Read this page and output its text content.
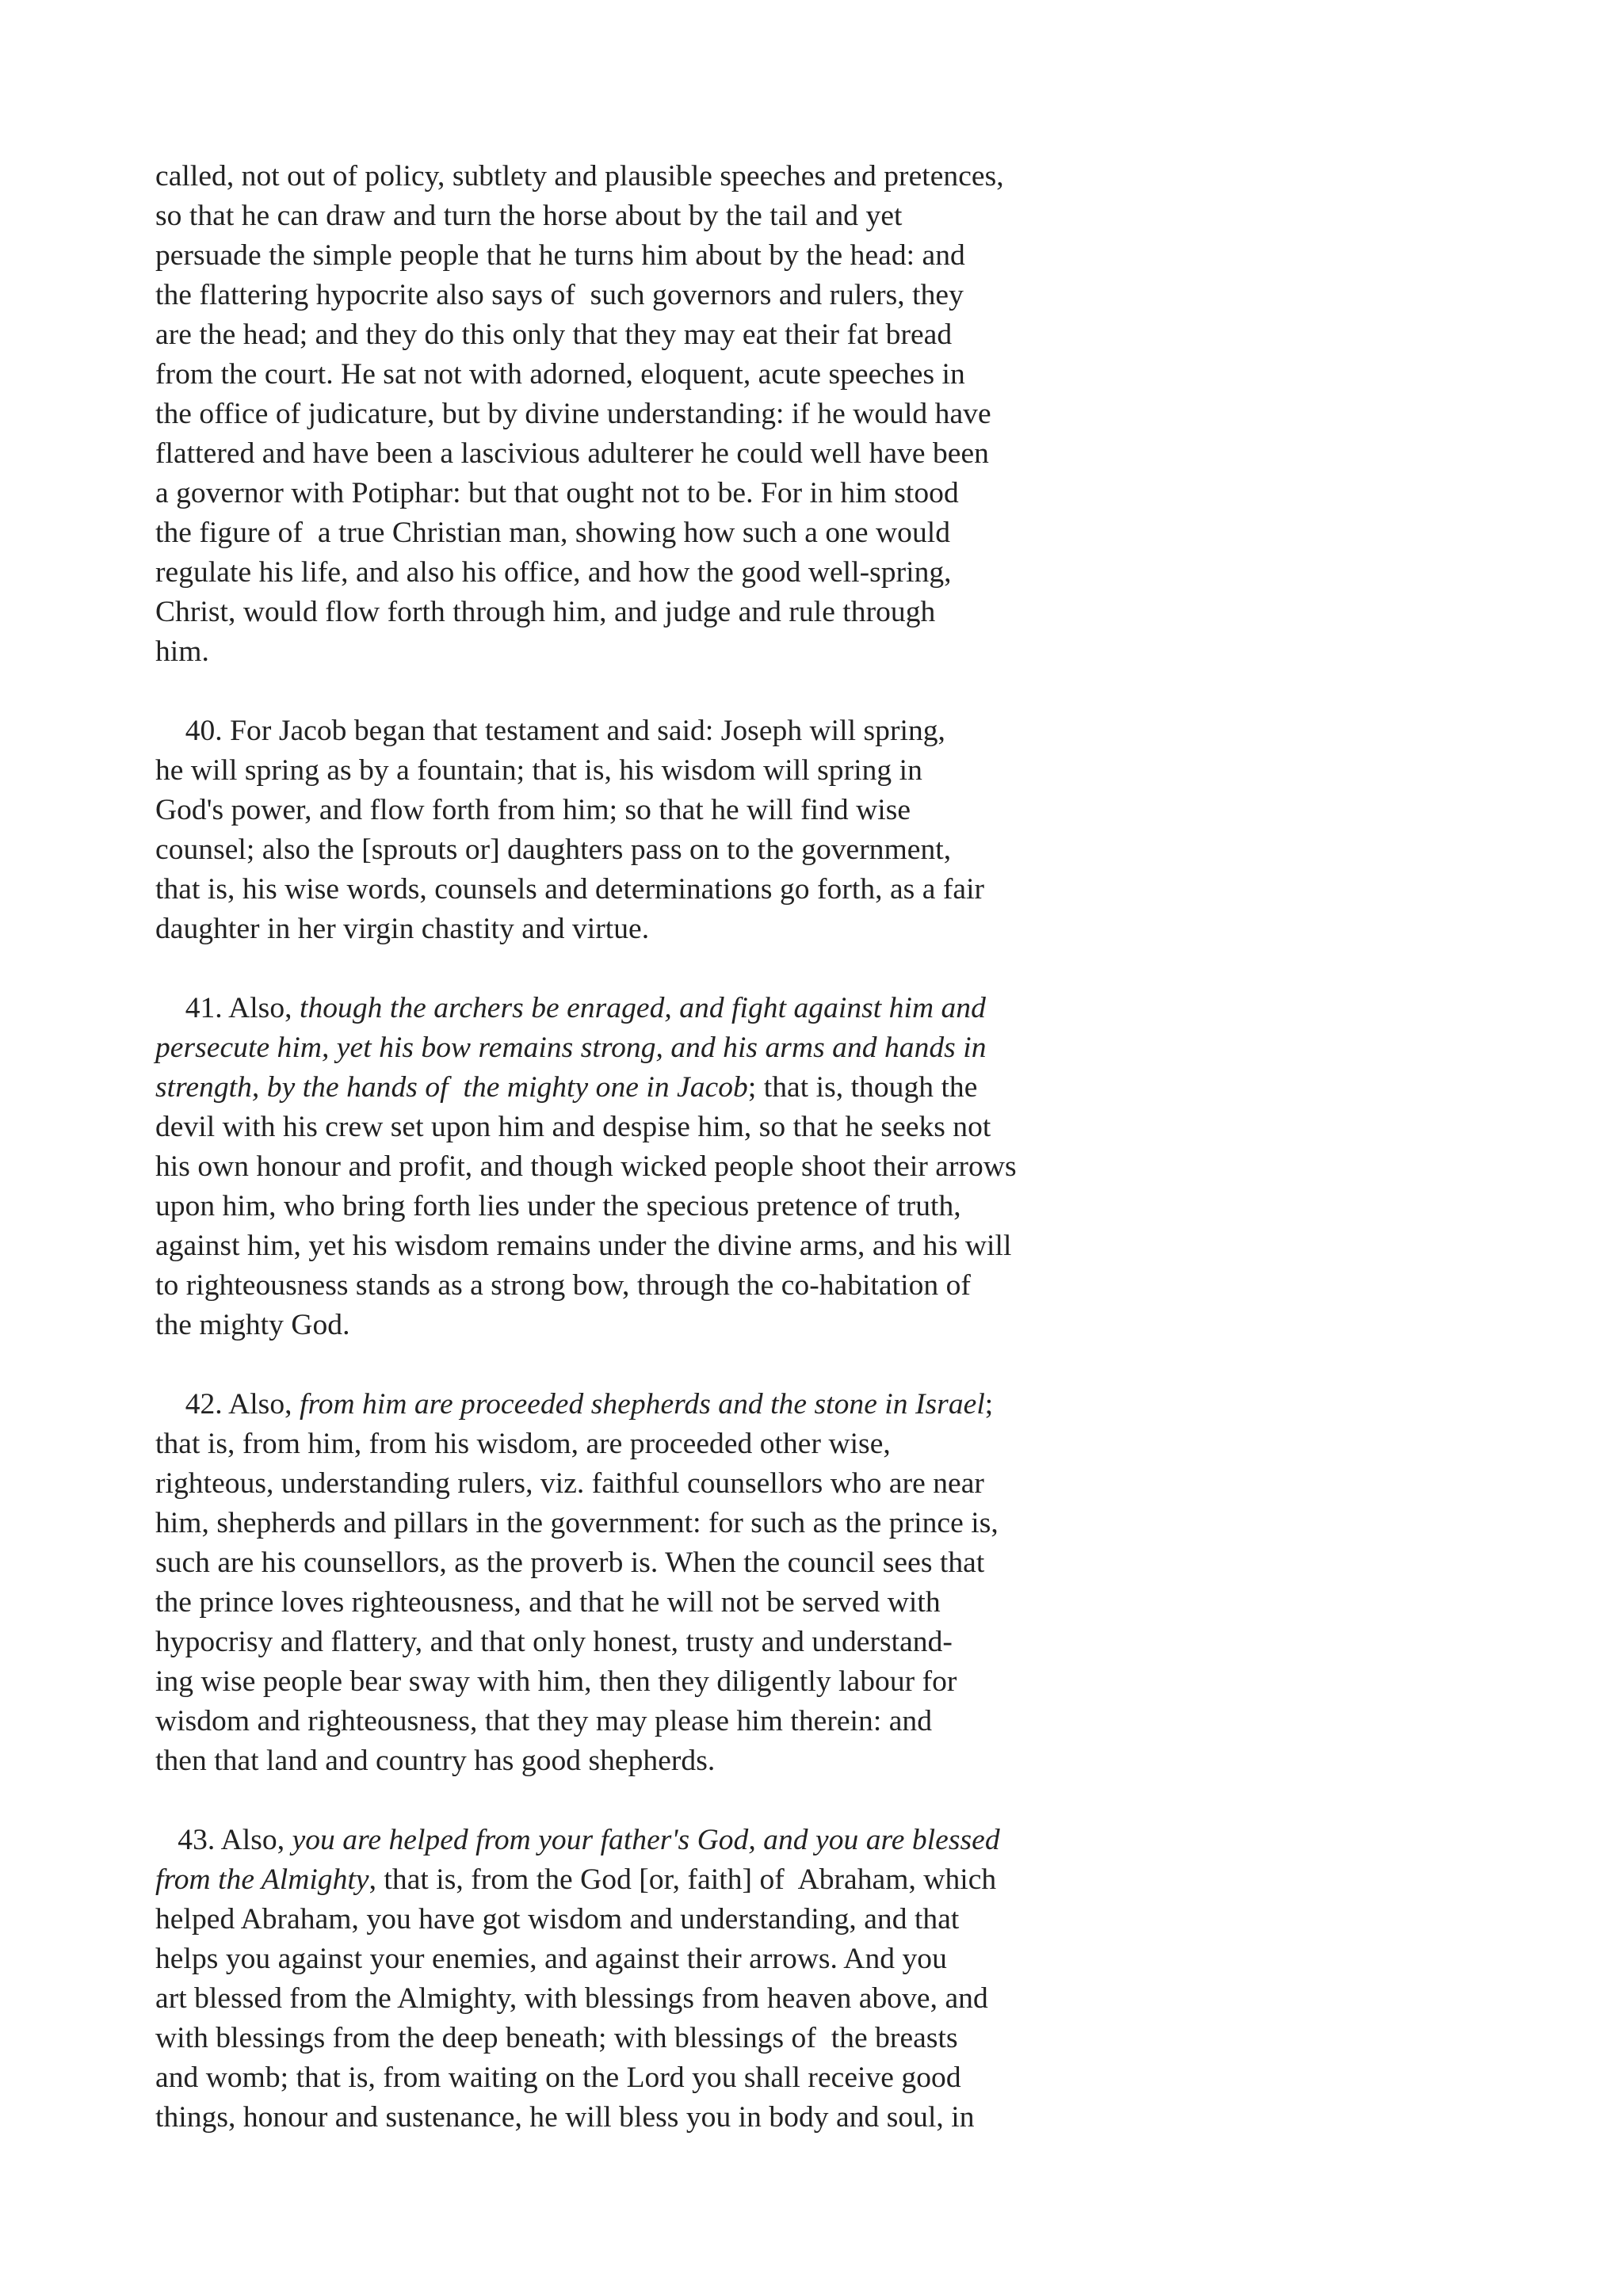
called, not out of policy, subtlety and plausible speeches and pretences,
so that he can draw and turn the horse about by the tail and yet
persuade the simple people that he turns him about by the head: and
the flattering hypocrite also says of  such governors and rulers, they
are the head; and they do this only that they may eat their fat bread
from the court. He sat not with adorned, eloquent, acute speeches in
the office of judicature, but by divine understanding: if he would have
flattered and have been a lascivious adulterer he could well have been
a governor with Potiphar: but that ought not to be. For in him stood
the figure of  a true Christian man, showing how such a one would
regulate his life, and also his office, and how the good well-spring,
Christ, would flow forth through him, and judge and rule through
him.
40. For Jacob began that testament and said: Joseph will spring,
he will spring as by a fountain; that is, his wisdom will spring in
God's power, and flow forth from him; so that he will find wise
counsel; also the [sprouts or] daughters pass on to the government,
that is, his wise words, counsels and determinations go forth, as a fair
daughter in her virgin chastity and virtue.
41. Also, though the archers be enraged, and fight against him and
persecute him, yet his bow remains strong, and his arms and hands in
strength, by the hands of  the mighty one in Jacob; that is, though the
devil with his crew set upon him and despise him, so that he seeks not
his own honour and profit, and though wicked people shoot their arrows
upon him, who bring forth lies under the specious pretence of truth,
against him, yet his wisdom remains under the divine arms, and his will
to righteousness stands as a strong bow, through the co-habitation of
the mighty God.
42. Also, from him are proceeded shepherds and the stone in Israel;
that is, from him, from his wisdom, are proceeded other wise,
righteous, understanding rulers, viz. faithful counsellors who are near
him, shepherds and pillars in the government: for such as the prince is,
such are his counsellors, as the proverb is. When the council sees that
the prince loves righteousness, and that he will not be served with
hypocrisy and flattery, and that only honest, trusty and understand-
ing wise people bear sway with him, then they diligently labour for
wisdom and righteousness, that they may please him therein: and
then that land and country has good shepherds.
43. Also, you are helped from your father's God, and you are blessed
from the Almighty, that is, from the God [or, faith] of  Abraham, which
helped Abraham, you have got wisdom and understanding, and that
helps you against your enemies, and against their arrows. And you
art blessed from the Almighty, with blessings from heaven above, and
with blessings from the deep beneath; with blessings of  the breasts
and womb; that is, from waiting on the Lord you shall receive good
things, honour and sustenance, he will bless you in body and soul, in
